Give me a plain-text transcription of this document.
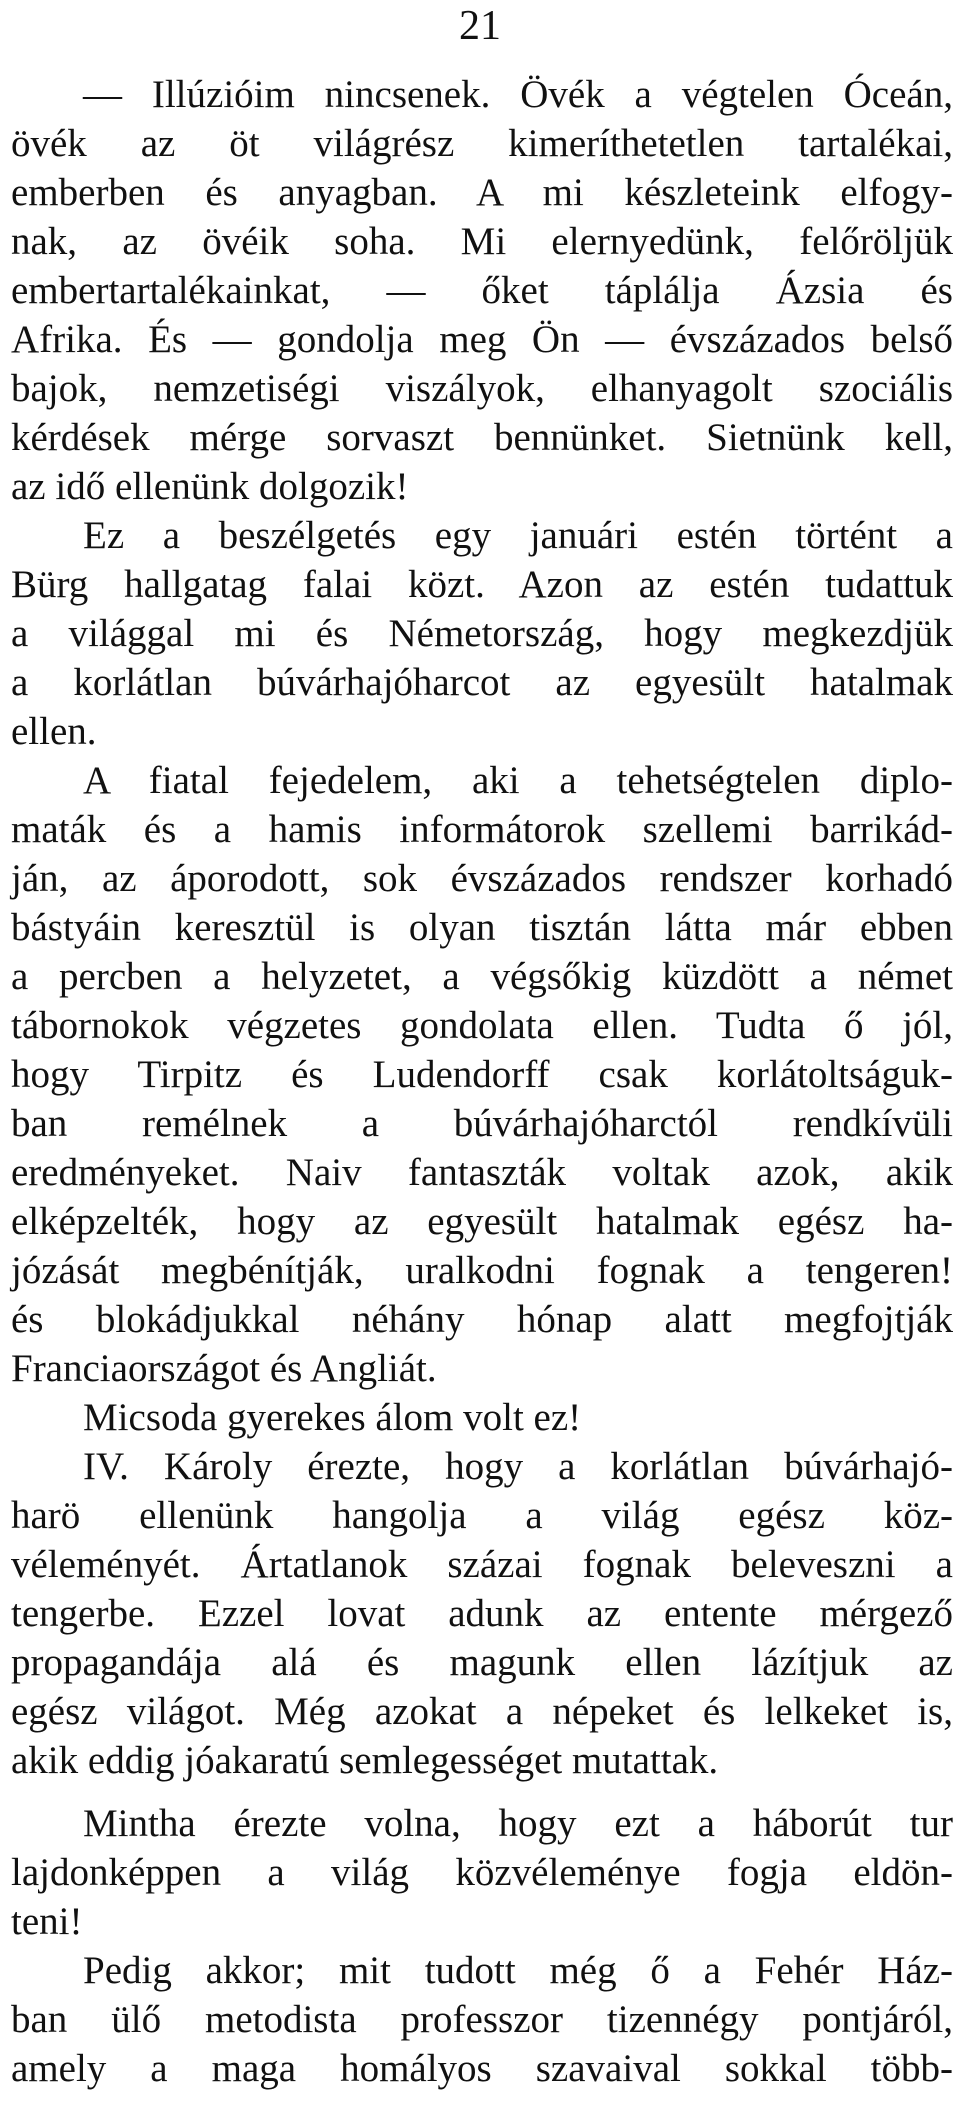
21
— Illúzióim nincsenek. Övék a végtelen Óceán,
övék az öt világrész kimeríthetetlen tartalékai,
emberben és anyagban. A mi készleteink elfogy-
nak, az övéik soha. Mi elernyedünk, felőröljük
embertartalékainkat, — őket táplálja Ázsia és
Afrika. És — gondolja meg Ön — évszázados belső
bajok, nemzetiségi viszályok, elhanyagolt szociális
kérdések mérge sorvaszt bennünket. Sietnünk kell,
az idő ellenünk dolgozik!
Ez a beszélgetés egy januári estén történt a
Bürg hallgatag falai közt. Azon az estén tudattuk
a világgal mi és Németország, hogy megkezdjük
a korlátlan búvárhajóharcot az egyesült hatalmak
ellen.
A fiatal fejedelem, aki a tehetségtelen diplo-
maták és a hamis informátorok szellemi barrikád-
ján, az áporodott, sok évszázados rendszer korhadó
bástyáin keresztül is olyan tisztán látta már ebben
a percben a helyzetet, a végsőkig küzdött a német
tábornokok végzetes gondolata ellen. Tudta ő jól,
hogy Tirpitz és Ludendorff csak korlátoltságuk-
ban remélnek a búvárhajóharctól rendkívüli
eredményeket. Naiv fantaszták voltak azok, akik
elképzelték, hogy az egyesült hatalmak egész ha-
józását megbénítják, uralkodni fognak a tengeren!
és blokádjukkal néhány hónap alatt megfojtják
Franciaországot és Angliát.
Micsoda gyerekes álom volt ez!
IV. Károly érezte, hogy a korlátlan búvárhajó-
harö ellenünk hangolja a világ egész köz-
véleményét. Ártatlanok százai fognak beleveszni a
tengerbe. Ezzel lovat adunk az entente mérgező
propagandája alá és magunk ellen lázítjuk az
egész világot. Még azokat a népeket és lelkeket is,
akik eddig jóakaratú semlegességet mutattak.
Mintha érezte volna, hogy ezt a háborút tur
lajdonképpen a világ közvéleménye fogja eldön-
teni!
Pedig akkor; mit tudott még ő a Fehér Ház-
ban ülő metodista professzor tizennégy pontjáról,
amely a maga homályos szavaival sokkal több-
